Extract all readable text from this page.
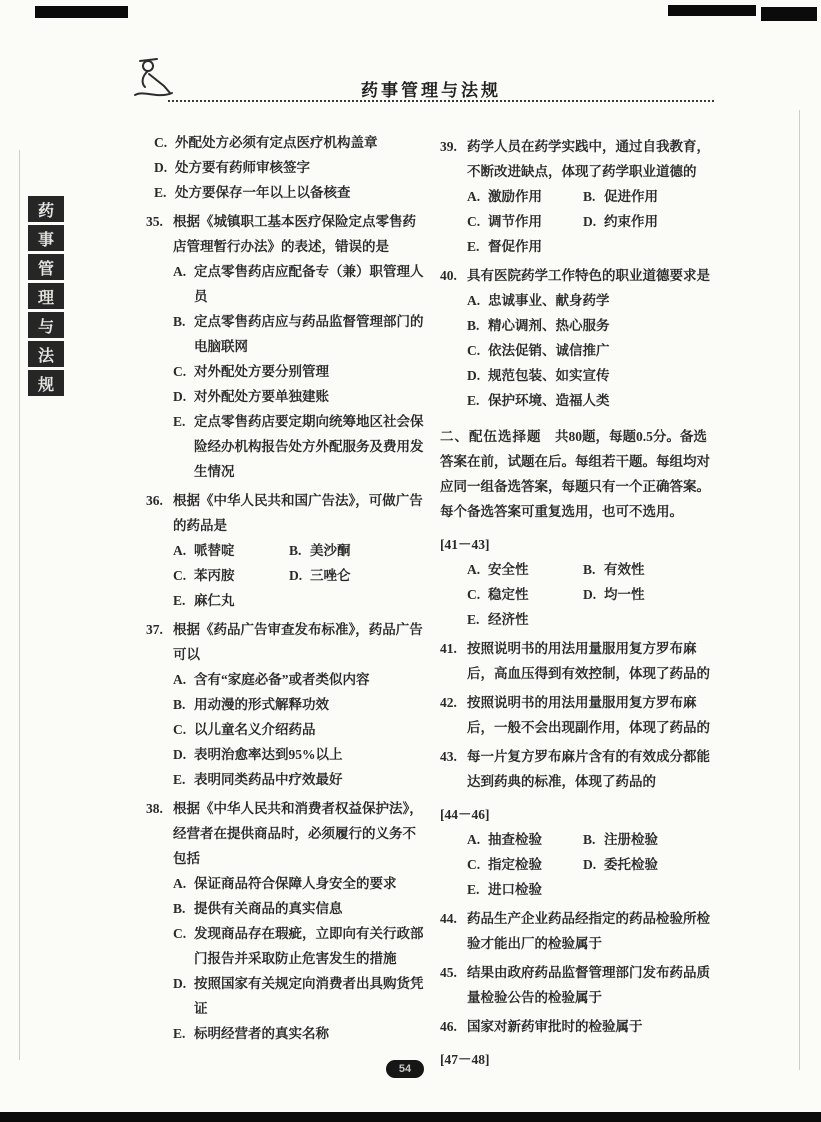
药事管理与法规
药
事
管
理
与
法
规
C. 外配处方必须有定点医疗机构盖章
D. 处方要有药师审核签字
E. 处方要保存一年以上以备核查
35. 根据《城镇职工基本医疗保险定点零售药店管理暂行办法》的表述，错误的是
A. 定点零售药店应配备专（兼）职管理人员
B. 定点零售药店应与药品监督管理部门的电脑联网
C. 对外配处方要分别管理
D. 对外配处方要单独建账
E. 定点零售药店要定期向统筹地区社会保险经办机构报告处方外配服务及费用发生情况
36. 根据《中华人民共和国广告法》，可做广告的药品是
A. 哌替啶	B. 美沙酮
C. 苯丙胺	D. 三唑仑
E. 麻仁丸
37. 根据《药品广告审查发布标准》，药品广告可以
A. 含有“家庭必备”或者类似内容
B. 用动漫的形式解释功效
C. 以儿童名义介绍药品
D. 表明治愈率达到95%以上
E. 表明同类药品中疗效最好
38. 根据《中华人民共和消费者权益保护法》，经营者在提供商品时，必须履行的义务不包括
A. 保证商品符合保障人身安全的要求
B. 提供有关商品的真实信息
C. 发现商品存在瑕疵，立即向有关行政部门报告并采取防止危害发生的措施
D. 按照国家有关规定向消费者出具购货凭证
E. 标明经营者的真实名称
39. 药学人员在药学实践中，通过自我教育，不断改进缺点，体现了药学职业道德的
A. 激励作用	B. 促进作用
C. 调节作用	D. 约束作用
E. 督促作用
40. 具有医院药学工作特色的职业道德要求是
A. 忠诚事业、献身药学
B. 精心调剂、热心服务
C. 依法促销、诚信推广
D. 规范包装、如实宣传
E. 保护环境、造福人类
二、配伍选择题　共80题，每题0.5分。备选答案在前，试题在后。每组若干题。每组均对应同一组备选答案，每题只有一个正确答案。每个备选答案可重复选用，也可不选用。
[41－43]
A. 安全性	B. 有效性
C. 稳定性	D. 均一性
E. 经济性
41. 按照说明书的用法用量服用复方罗布麻后，高血压得到有效控制，体现了药品的
42. 按照说明书的用法用量服用复方罗布麻后，一般不会出现副作用，体现了药品的
43. 每一片复方罗布麻片含有的有效成分都能达到药典的标准，体现了药品的
[44－46]
A. 抽查检验	B. 注册检验
C. 指定检验	D. 委托检验
E. 进口检验
44. 药品生产企业药品经指定的药品检验所检验才能出厂的检验属于
45. 结果由政府药品监督管理部门发布药品质量检验公告的检验属于
46. 国家对新药审批时的检验属于
[47－48]
54
